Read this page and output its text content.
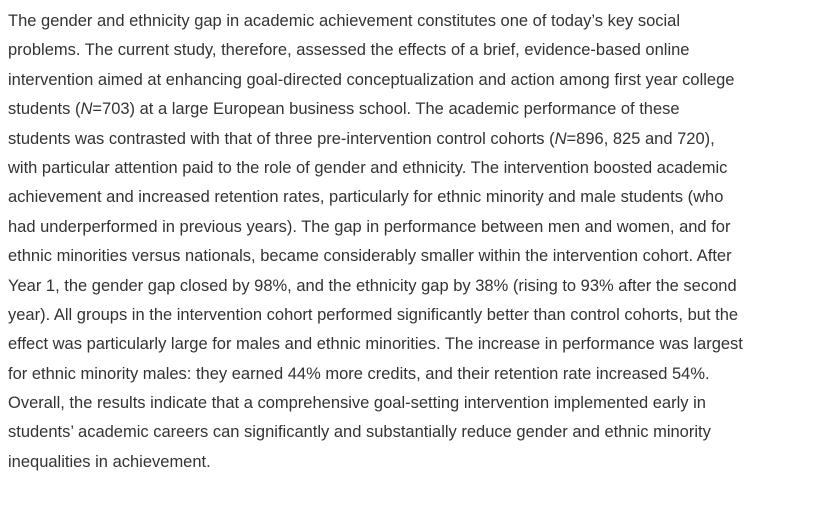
The gender and ethnicity gap in academic achievement constitutes one of today’s key social
problems. The current study, therefore, assessed the effects of a brief, evidence-based online
intervention aimed at enhancing goal-directed conceptualization and action among first year college
students (N=703) at a large European business school. The academic performance of these
students was contrasted with that of three pre-intervention control cohorts (N=896, 825 and 720),
with particular attention paid to the role of gender and ethnicity. The intervention boosted academic
achievement and increased retention rates, particularly for ethnic minority and male students (who
had underperformed in previous years). The gap in performance between men and women, and for
ethnic minorities versus nationals, became considerably smaller within the intervention cohort. After
Year 1, the gender gap closed by 98%, and the ethnicity gap by 38% (rising to 93% after the second
year). All groups in the intervention cohort performed significantly better than control cohorts, but the
effect was particularly large for males and ethnic minorities. The increase in performance was largest
for ethnic minority males: they earned 44% more credits, and their retention rate increased 54%.
Overall, the results indicate that a comprehensive goal-setting intervention implemented early in
students’ academic careers can significantly and substantially reduce gender and ethnic minority
inequalities in achievement.
